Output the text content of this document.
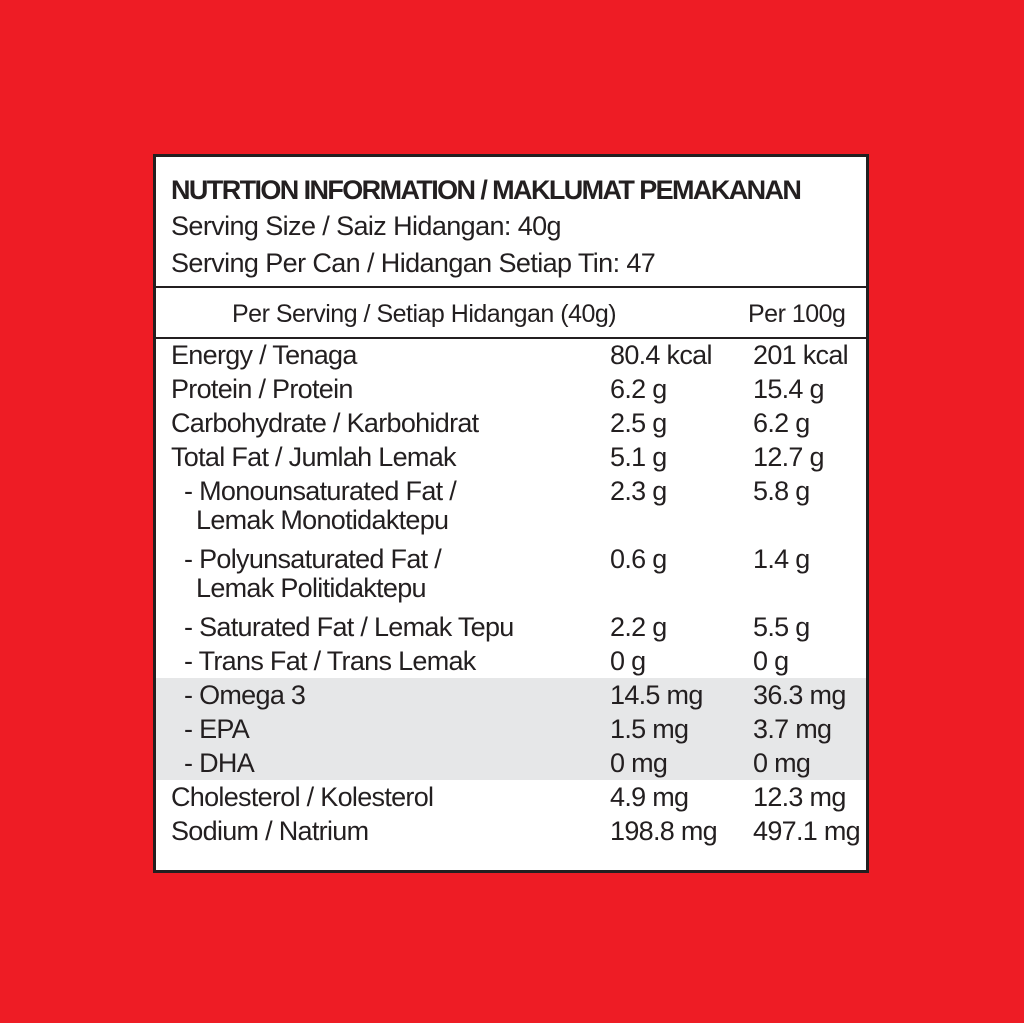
NUTRTION INFORMATION / MAKLUMAT PEMAKANAN
Serving Size / Saiz Hidangan: 40g
Serving Per Can / Hidangan Setiap Tin: 47
Per Serving / Setiap Hidangan (40g)	Per 100g
Energy / Tenaga	80.4 kcal 201 kcal
Protein / Protein	6.2 g	15.4 g
Carbohydrate / Karbohidrat	2.5 g	6.2 g
Total Fat / Jumlah Lemak	5.1 g	12.7 g
- Monounsaturated Fat /
Lemak Monotidaktepu
2.3 g	5.8 g
- Polyunsaturated Fat /
Lemak Politidaktepu
0.6 g	1.4 g
- Saturated Fat / Lemak Tepu	2.2 g	5.5 g
- Trans Fat / Trans Lemak	0 g	0 g
- Omega 3	14.5 mg 36.3 mg
- EPA	1.5 mg 3.7 mg
- DHA	0 mg	0 mg
Cholesterol / Kolesterol	4.9 mg 12.3 mg
Sodium / Natrium	198.8 mg 497.1 mg
